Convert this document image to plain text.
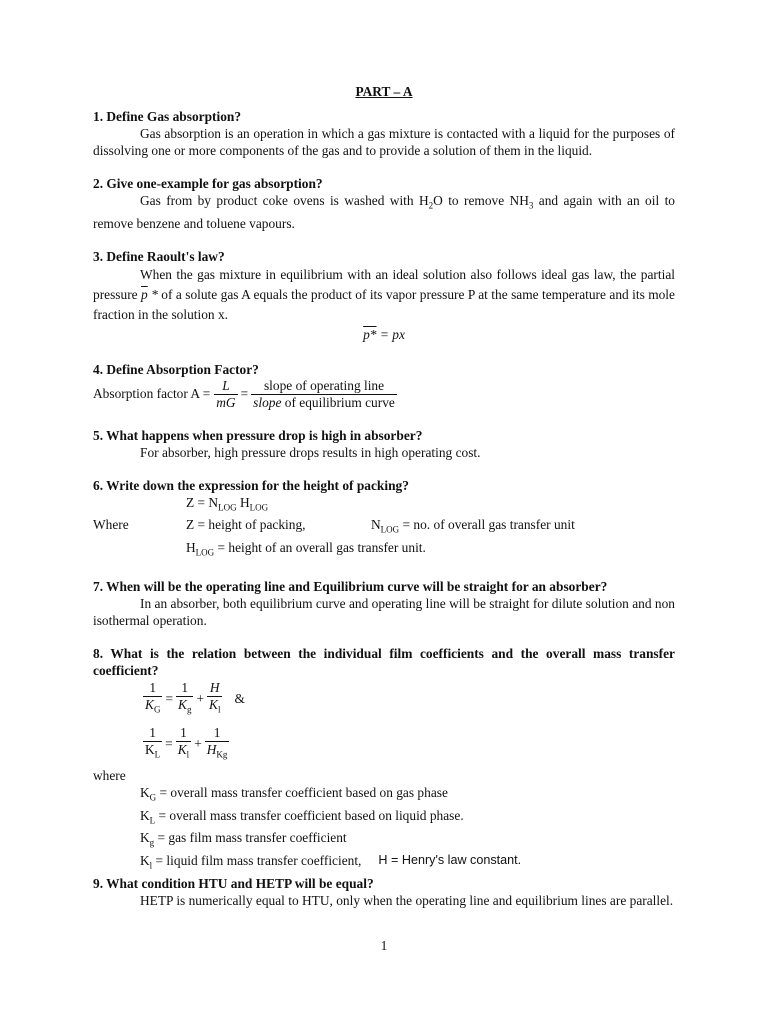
PART – A
1. Define Gas absorption?
Gas absorption is an operation in which a gas mixture is contacted with a liquid for the purposes of dissolving one or more components of the gas and to provide a solution of them in the liquid.
2. Give one-example for gas absorption?
Gas from by product coke ovens is washed with $H_2O$ to remove $NH_3$ and again with an oil to remove benzene and toluene vapours.
3. Define Raoult's law?
When the gas mixture in equilibrium with an ideal solution also follows ideal gas law, the partial pressure $\overline{p}$ * of a solute gas A equals the product of its vapor pressure P at the same temperature and its mole fraction in the solution x.
p* = px
4. Define Absorption Factor?
Absorption factor $A = \frac{L}{mG} = \frac{\text{slope of operating line}}{\text{slope of equilibrium curve}}$
5. What happens when pressure drop is high in absorber?
For absorber, high pressure drops results in high operating cost.
6. Write down the expression for the height of packing?
$Z = N_{LOG}$ $H_{LOG}$
Where	Z = height of packing,	$N_{LOG}$ = no. of overall gas transfer unit
$H_{LOG}$ = height of an overall gas transfer unit.
7. When will be the operating line and Equilibrium curve will be straight for an absorber?
In an absorber, both equilibrium curve and operating line will be straight for dilute solution and non isothermal operation.
8. What is the relation between the individual film coefficients and the overall mass transfer coefficient?
$\frac{1}{K_G} = \frac{1}{K_g} + \frac{H}{K_l}$ &
$\frac{1}{K_L} = \frac{1}{K_l} + \frac{1}{H_{Kg}}$
where
$K_G$ = overall mass transfer coefficient based on gas phase
$K_L$ = overall mass transfer coefficient based on liquid phase.
$K_g$ = gas film mass transfer coefficient
$K_l$ = liquid film mass transfer coefficient, H = Henry's law constant.
9. What condition HTU and HETP will be equal?
HETP is numerically equal to HTU, only when the operating line and equilibrium lines are parallel.
1
